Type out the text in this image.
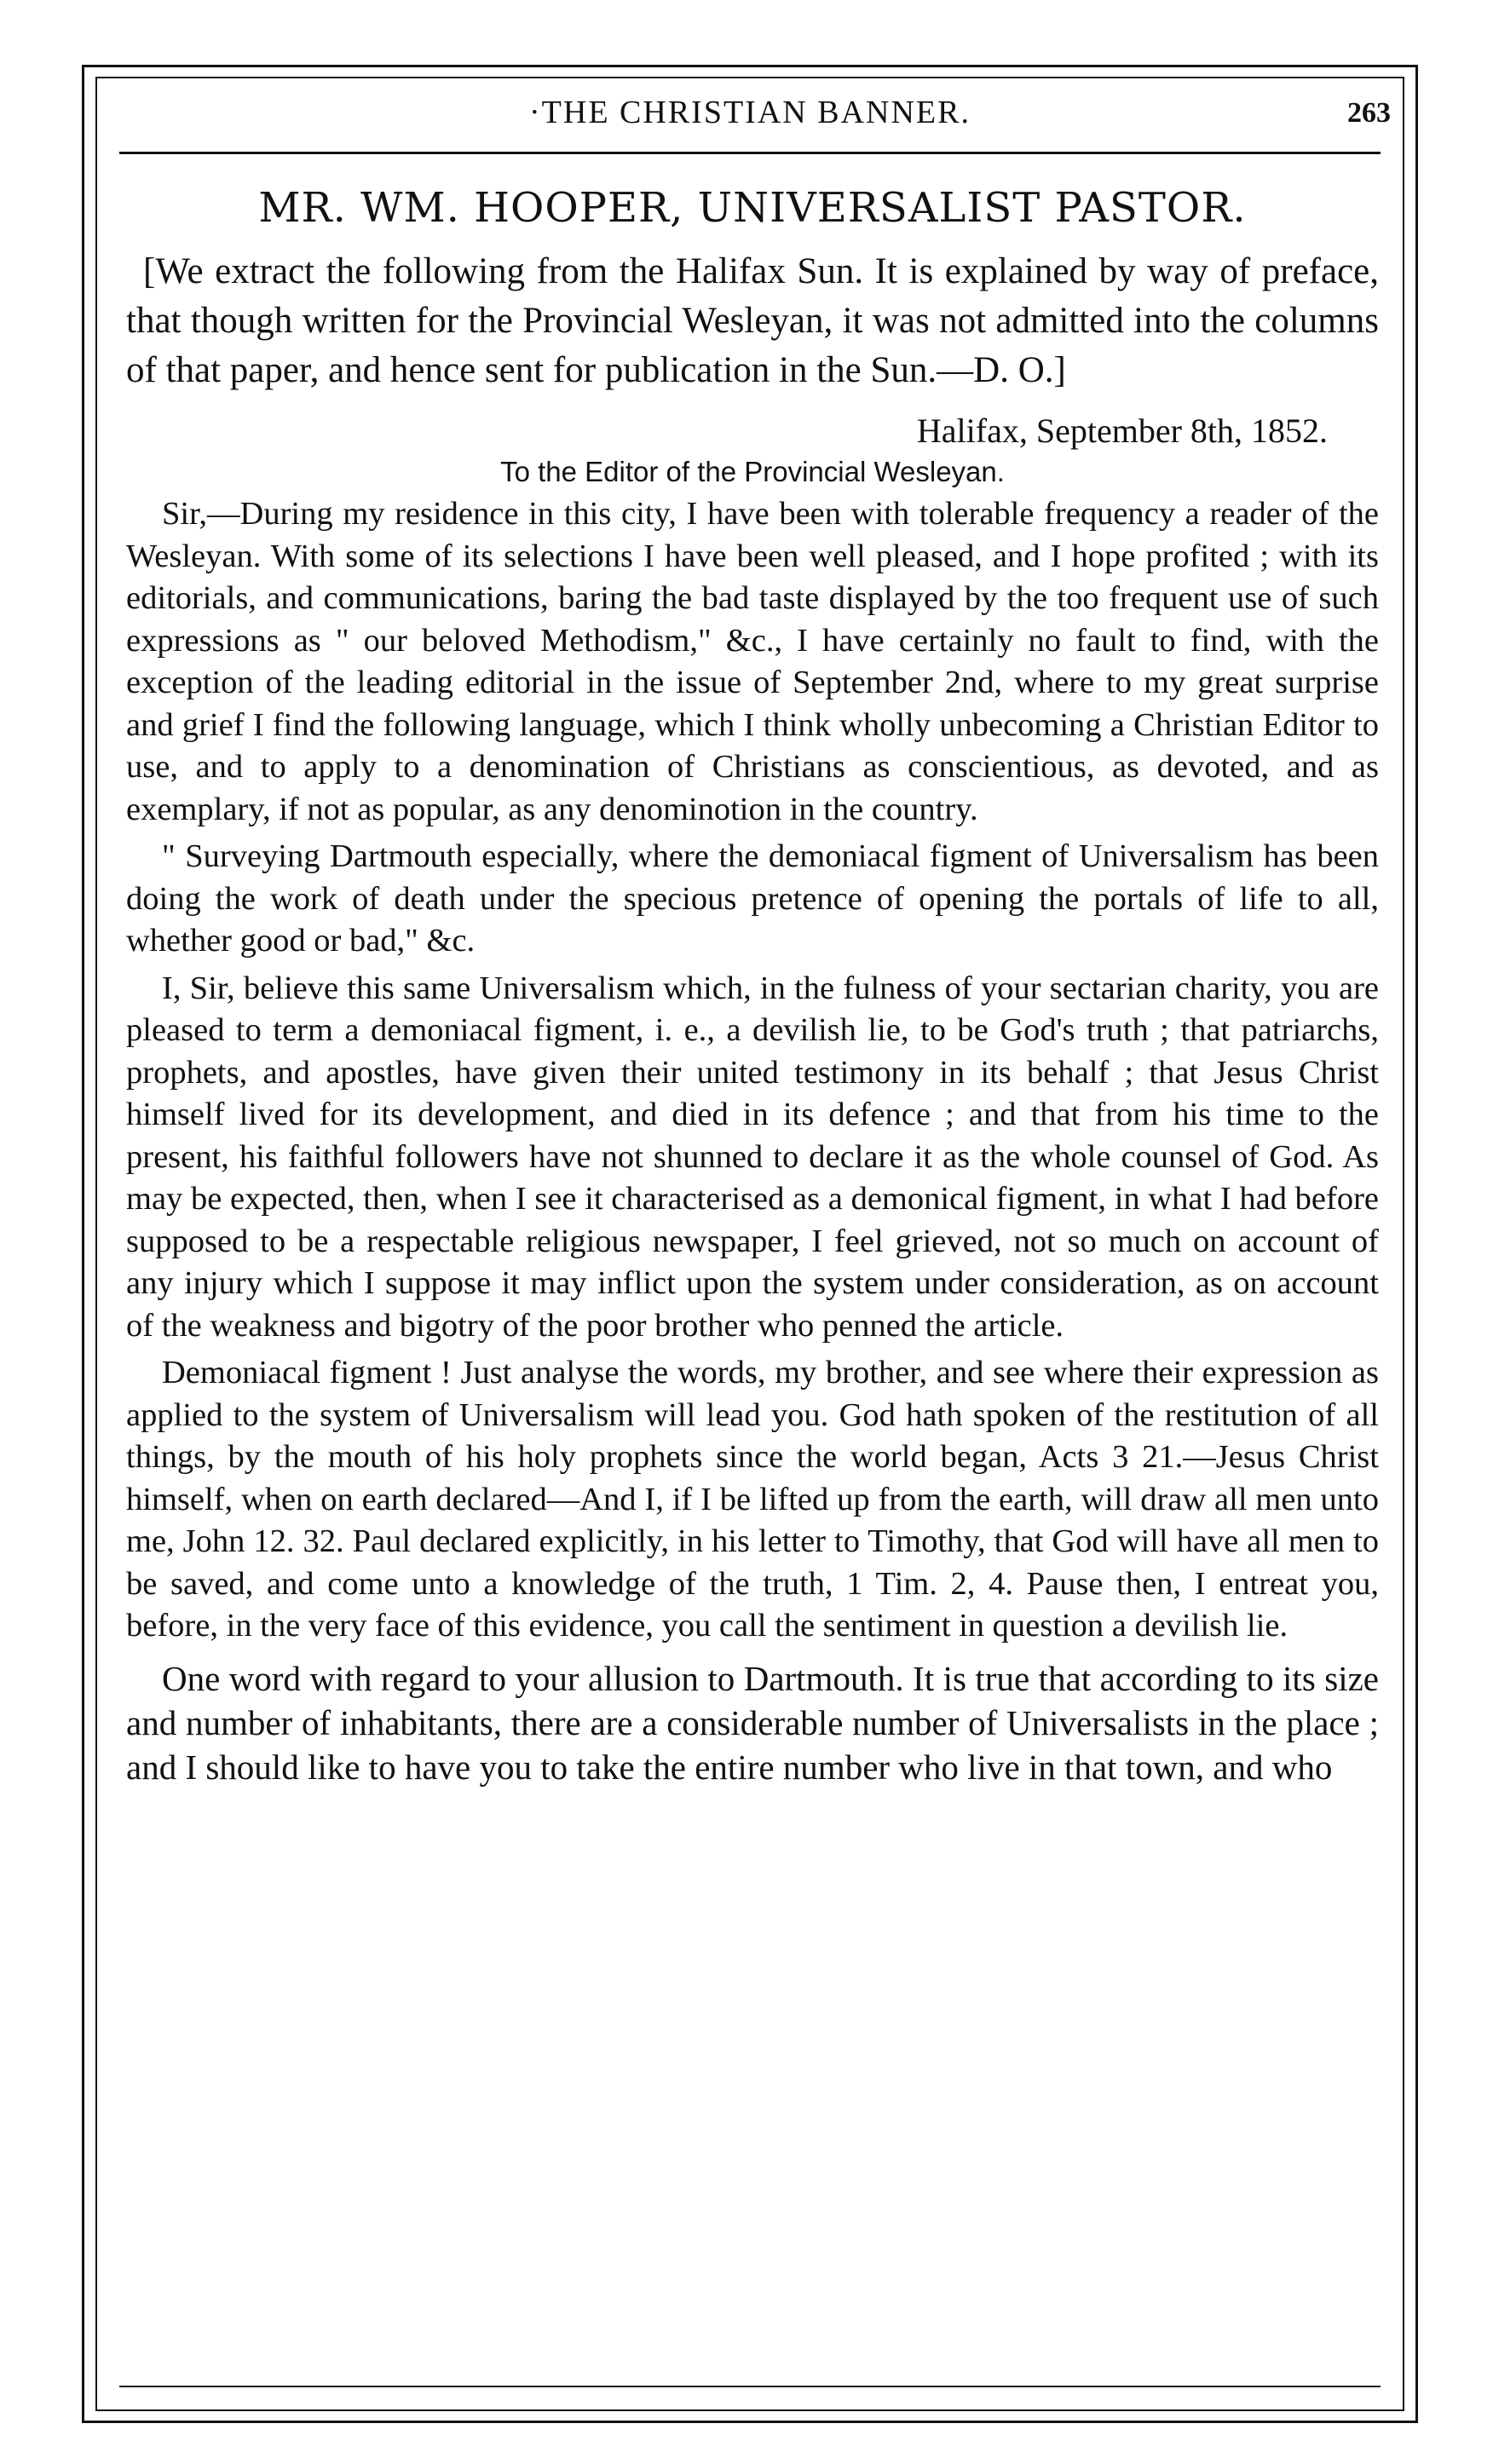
·THE CHRISTIAN BANNER.	263
MR. WM. HOOPER, UNIVERSALIST PASTOR.

[We extract the following from the Halifax Sun. It is explained by way of preface, that though written for the Provincial Wesleyan, it was not admitted into the columns of that paper, and hence sent for publication in the Sun.—D. O.]

Halifax, September 8th, 1852.
To the Editor of the Provincial Wesleyan.

Sir,—During my residence in this city, I have been with tolerable frequency a reader of the Wesleyan. With some of its selections I have been well pleased, and I hope profited ; with its editorials, and communications, baring the bad taste displayed by the too frequent use of such expressions as " our beloved Methodism," &c., I have certainly no fault to find, with the exception of the leading editorial in the issue of September 2nd, where to my great surprise and grief I find the following language, which I think wholly unbecoming a Christian Editor to use, and to apply to a denomination of Christians as conscientious, as devoted, and as exemplary, if not as popular, as any denominotion in the country.

" Surveying Dartmouth especially, where the demoniacal figment of Universalism has been doing the work of death under the specious pretence of opening the portals of life to all, whether good or bad," &c.

I, Sir, believe this same Universalism which, in the fulness of your sectarian charity, you are pleased to term a demoniacal figment, i. e., a devilish lie, to be God's truth ; that patriarchs, prophets, and apostles, have given their united testimony in its behalf ; that Jesus Christ himself lived for its development, and died in its defence ; and that from his time to the present, his faithful followers have not shunned to declare it as the whole counsel of God. As may be expected, then, when I see it characterised as a demonical figment, in what I had before supposed to be a respectable religious newspaper, I feel grieved, not so much on account of any injury which I suppose it may inflict upon the system under consideration, as on account of the weakness and bigotry of the poor brother who penned the article.

Demoniacal figment ! Just analyse the words, my brother, and see where their expression as applied to the system of Universalism will lead you. God hath spoken of the restitution of all things, by the mouth of his holy prophets since the world began, Acts 3 21.—Jesus Christ himself, when on earth declared—And I, if I be lifted up from the earth, will draw all men unto me, John 12. 32. Paul declared explicitly, in his letter to Timothy, that God will have all men to be saved, and come unto a knowledge of the truth, 1 Tim. 2, 4. Pause then, I entreat you, before, in the very face of this evidence, you call the sentiment in question a devilish lie.

One word with regard to your allusion to Dartmouth. It is true that according to its size and number of inhabitants, there are a considerable number of Universalists in the place ; and I should like to have you to take the entire number who live in that town, and who
